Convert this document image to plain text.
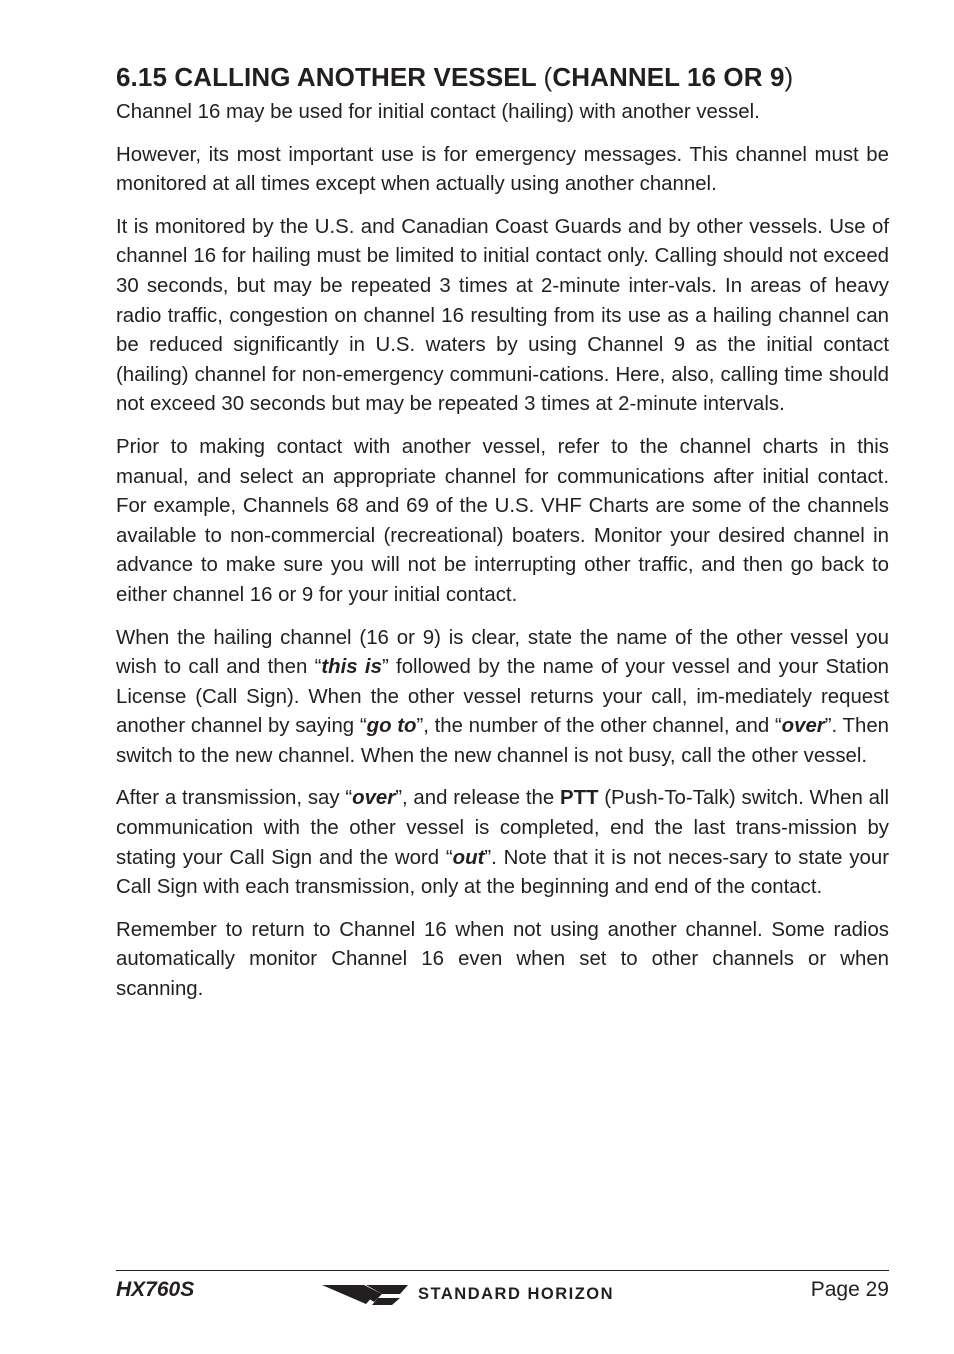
6.15 CALLING ANOTHER VESSEL (CHANNEL 16 OR 9)

Channel 16 may be used for initial contact (hailing) with another vessel.

However, its most important use is for emergency messages. This channel must be monitored at all times except when actually using another channel.

It is monitored by the U.S. and Canadian Coast Guards and by other vessels. Use of channel 16 for hailing must be limited to initial contact only. Calling should not exceed 30 seconds, but may be repeated 3 times at 2-minute inter-vals. In areas of heavy radio traffic, congestion on channel 16 resulting from its use as a hailing channel can be reduced significantly in U.S. waters by using Channel 9 as the initial contact (hailing) channel for non-emergency communi-cations. Here, also, calling time should not exceed 30 seconds but may be repeated 3 times at 2-minute intervals.

Prior to making contact with another vessel, refer to the channel charts in this manual, and select an appropriate channel for communications after initial contact. For example, Channels 68 and 69 of the U.S. VHF Charts are some of the channels available to non-commercial (recreational) boaters. Monitor your desired channel in advance to make sure you will not be interrupting other traffic, and then go back to either channel 16 or 9 for your initial contact.

When the hailing channel (16 or 9) is clear, state the name of the other vessel you wish to call and then “this is” followed by the name of your vessel and your Station License (Call Sign). When the other vessel returns your call, im-mediately request another channel by saying “go to”, the number of the other channel, and “over”. Then switch to the new channel. When the new channel is not busy, call the other vessel.

After a transmission, say “over”, and release the PTT (Push-To-Talk) switch. When all communication with the other vessel is completed, end the last trans-mission by stating your Call Sign and the word “out”. Note that it is not neces-sary to state your Call Sign with each transmission, only at the beginning and end of the contact.

Remember to return to Channel 16 when not using another channel. Some radios automatically monitor Channel 16 even when set to other channels or when scanning.

HX760S	STANDARD HORIZON	Page 29
